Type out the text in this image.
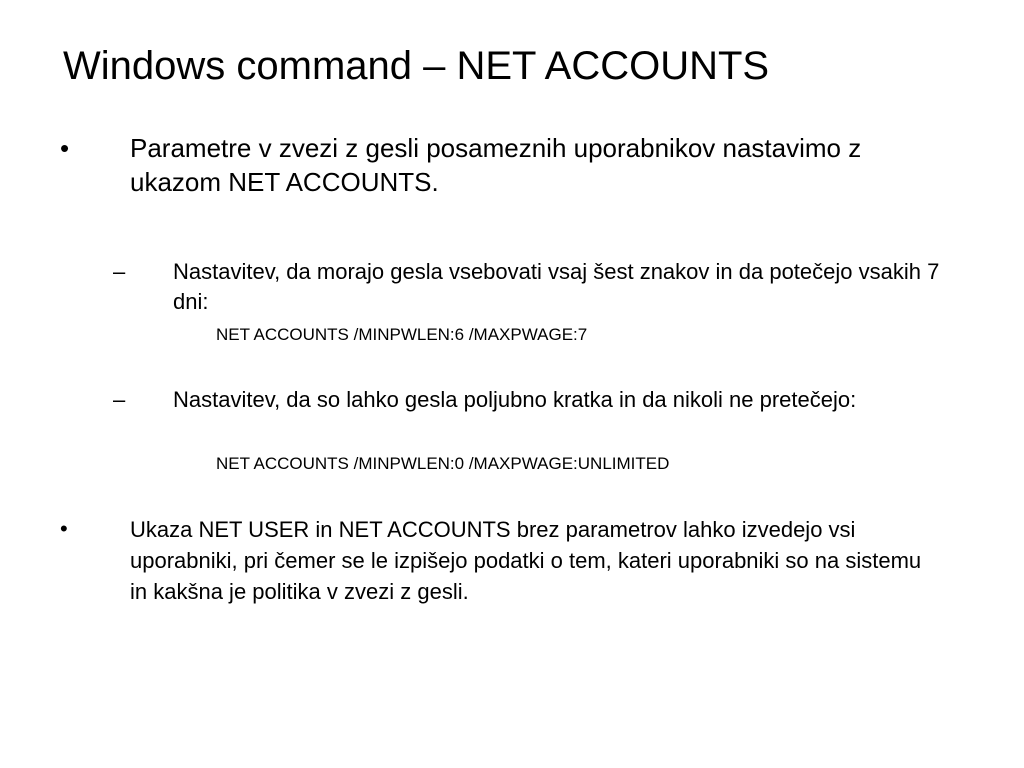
Windows command – NET ACCOUNTS
• Parametre v zvezi z gesli posameznih uporabnikov nastavimo z ukazom NET ACCOUNTS.
– Nastavitev, da morajo gesla vsebovati vsaj šest znakov in da potečejo vsakih 7 dni:
NET ACCOUNTS /MINPWLEN:6 /MAXPWAGE:7
– Nastavitev, da so lahko gesla poljubno kratka in da nikoli ne pretečejo:
NET ACCOUNTS /MINPWLEN:0 /MAXPWAGE:UNLIMITED
•	Ukaza NET USER in NET ACCOUNTS brez parametrov lahko izvedejo vsi uporabniki, pri čemer se le izpišejo podatki o tem, kateri uporabniki so na sistemu in kakšna je politika v zvezi z gesli.
